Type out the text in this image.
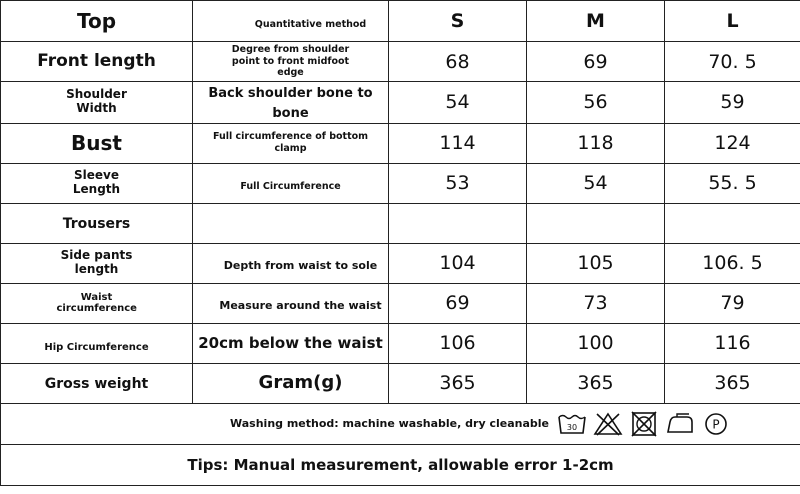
Top	Quantitative method	S	M	L
Front length	Degree from shoulder point to front midfoot edge	68	69	70. 5

Shoulder Width	Back shoulder bone to bone	54	56	59
Bust	Full circumference of bottom clamp	114	118	124

Sleeve Length	Full Circumference	53	54	55. 5
Trousers				

Side pants length	Depth from waist to sole	104	105	106. 5

Waist circumference	Measure around the waist	69	73	79
Hip Circumference	20cm below the waist	106	100	116
Gross weight	Gram(g)	365	365	365

Washing method: machine washable, dry cleanable 30 P				

Tips: Manual measurement, allowable error 1-2cm				
